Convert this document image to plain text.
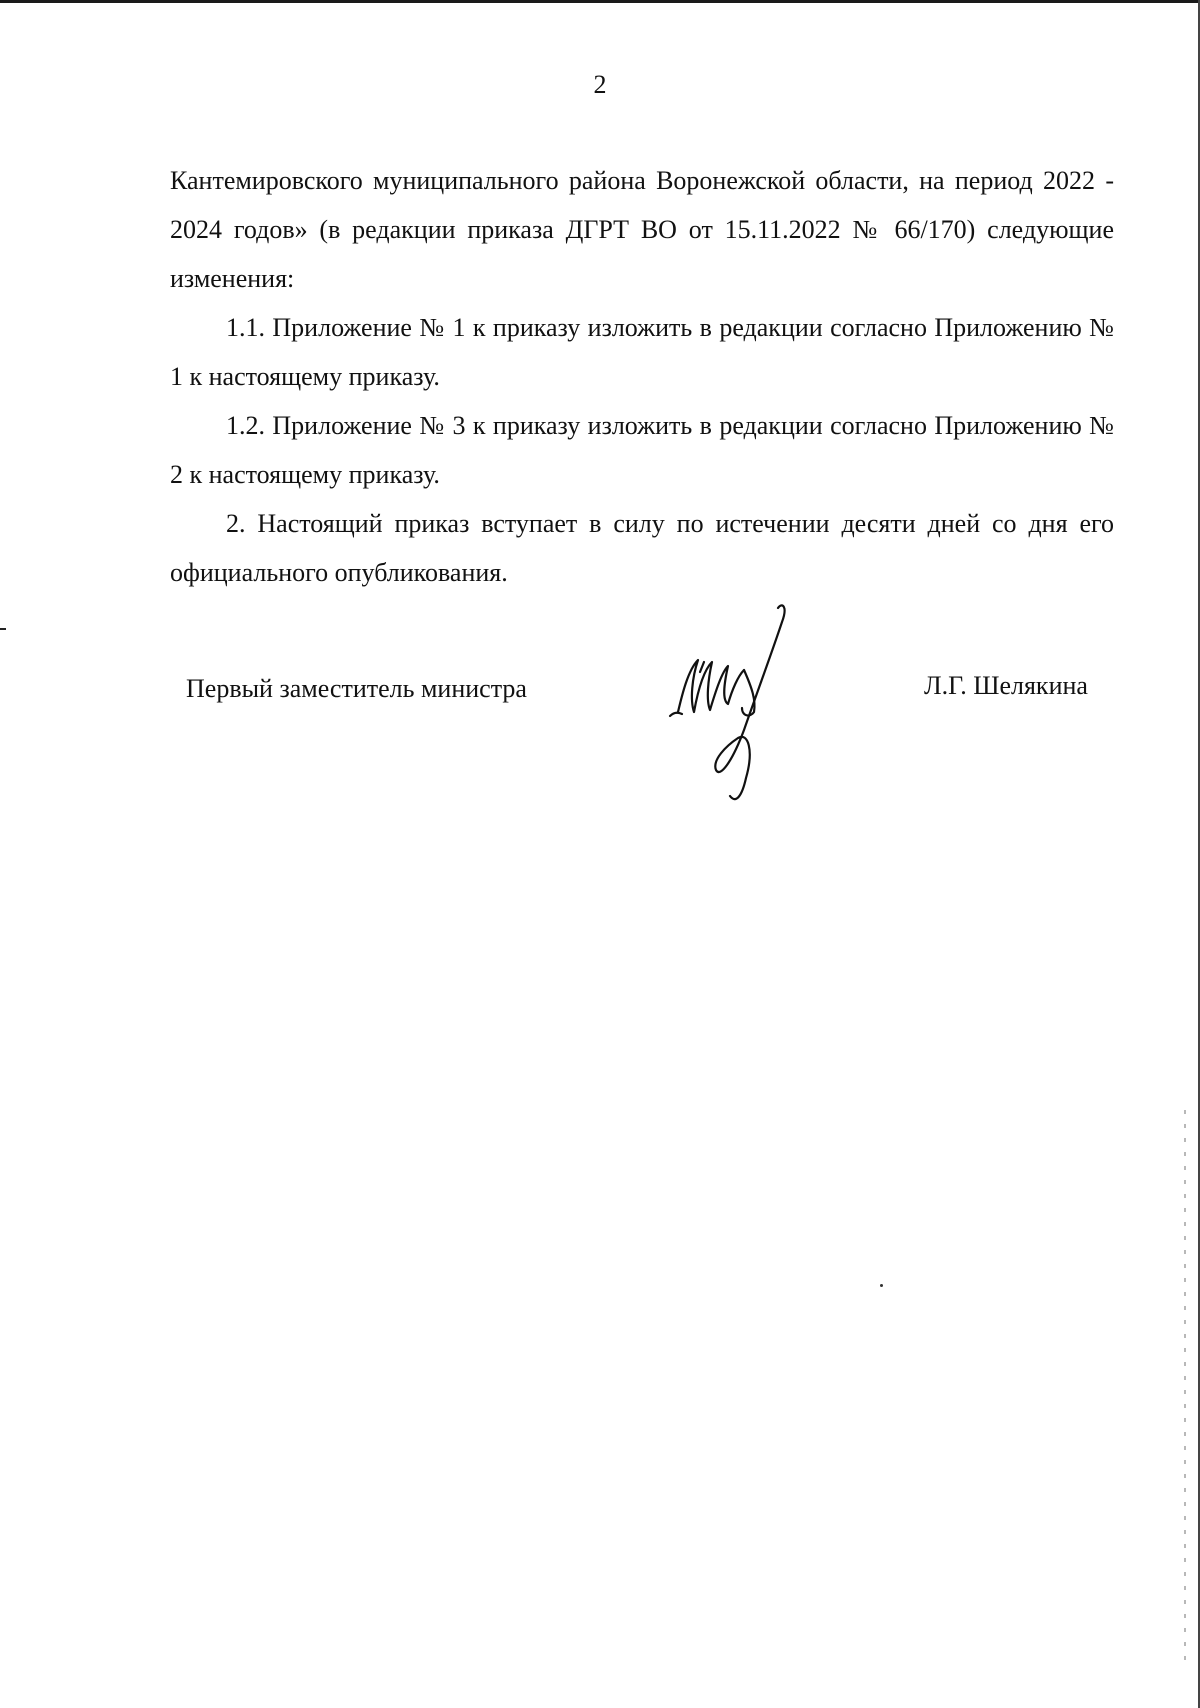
2

Кантемировского муниципального района Воронежской области, на период 2022 - 2024 годов» (в редакции приказа ДГРТ ВО от 15.11.2022 № 66/170) следующие изменения:

1.1. Приложение № 1 к приказу изложить в редакции согласно Приложению № 1 к настоящему приказу.

1.2. Приложение № 3 к приказу изложить в редакции согласно Приложению № 2 к настоящему приказу.

2. Настоящий приказ вступает в силу по истечении десяти дней со дня его официального опубликования.

Первый заместитель министра	Л.Г. Шелякина
